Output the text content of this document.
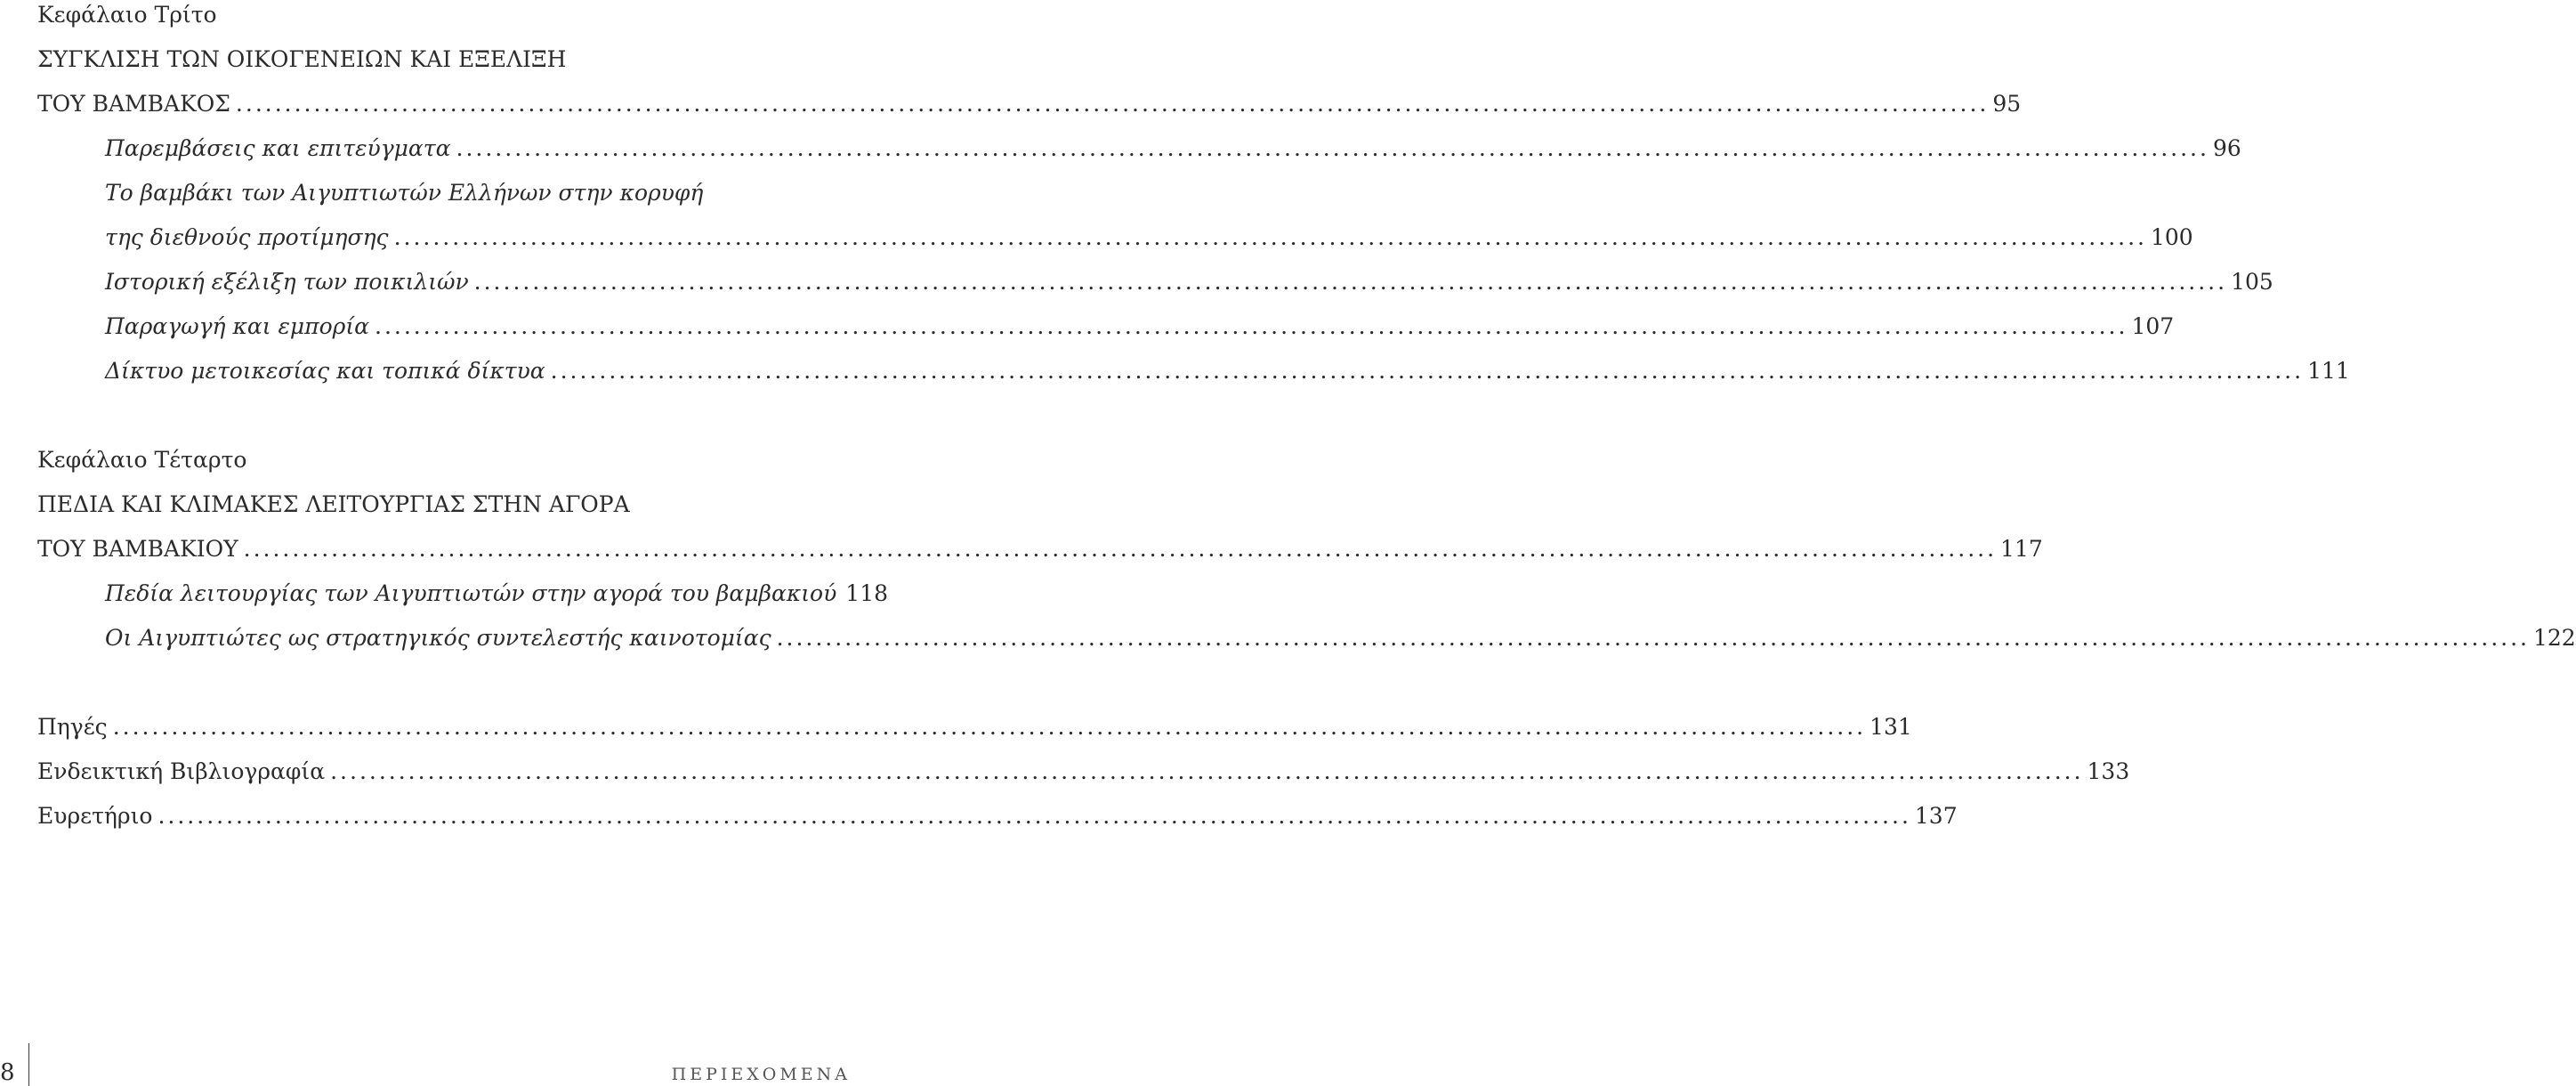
Κεφάλαιο Τρίτο
ΣΥΓΚΛΙΣΗ ΤΩΝ ΟΙΚΟΓΕΝΕΙΩΝ ΚΑΙ ΕΞΕΛΙΞΗ
ΤΟΥ ΒΑΜΒΑΚΟΣ .....	95
Παρεμβάσεις και επιτεύγματα .....	96
Το βαμβάκι των Αιγυπτιωτών Ελλήνων στην κορυφή
της διεθνούς προτίμησης .....	100
Ιστορική εξέλιξη των ποικιλιών .....	105
Παραγωγή και εμπορία .....	107
Δίκτυο μετοικεσίας και τοπικά δίκτυα .....	111
Κεφάλαιο Τέταρτο
ΠΕΔΙΑ ΚΑΙ ΚΛΙΜΑΚΕΣ ΛΕΙΤΟΥΡΓΙΑΣ ΣΤΗΝ ΑΓΟΡΑ
ΤΟΥ ΒΑΜΒΑΚΙΟΥ .....	117
Πεδία λειτουργίας των Αιγυπτιωτών στην αγορά του βαμβακιού 118
Οι Αιγυπτιώτες ως στρατηγικός συντελεστής καινοτομίας .....	122
Πηγές .....	131
Ενδεικτική Βιβλιογραφία .....	133
Ευρετήριο .....	137
8	ΠΕΡΙΕΧΟΜΕΝΑ
